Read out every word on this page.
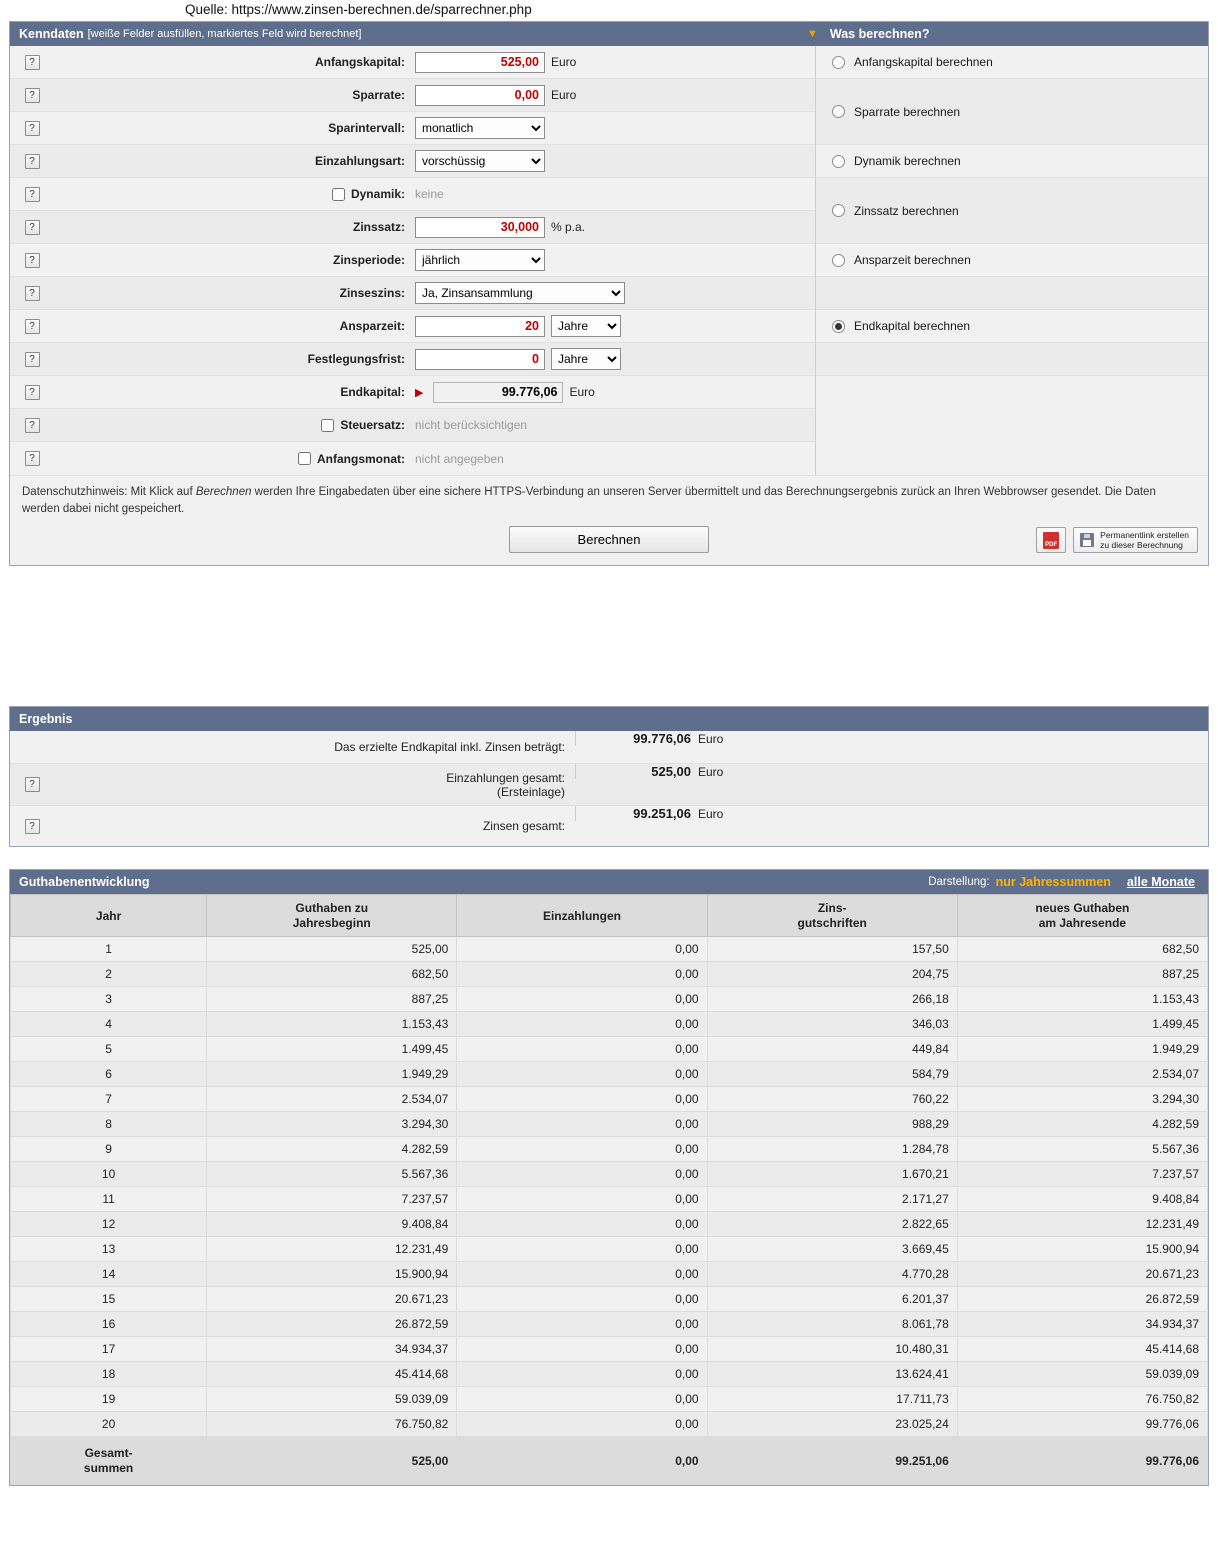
Quelle: https://www.zinsen-berechnen.de/sparrechner.php
Kenndaten [weiße Felder ausfüllen, markiertes Feld wird berechnet]	▼ Was berechnen?
?	Anfangskapital:
525,00	Euro
?	Sparrate:
0,00	Euro
?	Sparintervall:
monatlich
?	Einzahlungsart:
vorschüssig
?	Dynamik: keine
?	Zinssatz:
30,000	% p.a.
?	Zinsperiode:
jährlich
?	Zinseszins:
Ja, Zinsansammlung
?	Ansparzeit:
20
Jahre
?	Festlegungsfrist:
0
Jahre
?	Endkapital: ▶
99.776,06	Euro
?	Steuersatz: nicht berücksichtigen
?	Anfangsmonat: nicht angegeben
Anfangskapital berechnen
Sparrate berechnen
Dynamik berechnen
Zinssatz berechnen
Ansparzeit berechnen
Endkapital berechnen
Datenschutzhinweis: Mit Klick auf Berechnen werden Ihre Eingabedaten über eine sichere HTTPS-Verbindung an unseren Server übermittelt und das Berechnungsergebnis zurück an Ihren Webbrowser gesendet. Die Daten werden dabei nicht gespeichert.
Berechnen	PDF
Permanentlink erstellen
zu dieser Berechnung
Ergebnis
Das erzielte Endkapital inkl. Zinsen beträgt:
99.776,06 Euro
?	Einzahlungen gesamt:
(Ersteinlage)
525,00 Euro
?	Zinsen gesamt:
99.251,06 Euro
Guthabenentwicklung	Darstellung: nur Jahressummen alle Monate
Jahr	Guthaben zu
Jahresbeginn	Einzahlungen	Zins-
gutschriften	neues Guthaben
am Jahresende

1	525,00	0,00	157,50	682,50
2	682,50	0,00	204,75	887,25
3	887,25	0,00	266,18	1.153,43
4	1.153,43	0,00	346,03	1.499,45
5	1.499,45	0,00	449,84	1.949,29
6	1.949,29	0,00	584,79	2.534,07
7	2.534,07	0,00	760,22	3.294,30
8	3.294,30	0,00	988,29	4.282,59
9	4.282,59	0,00	1.284,78	5.567,36
10	5.567,36	0,00	1.670,21	7.237,57
11	7.237,57	0,00	2.171,27	9.408,84
12	9.408,84	0,00	2.822,65	12.231,49
13	12.231,49	0,00	3.669,45	15.900,94
14	15.900,94	0,00	4.770,28	20.671,23
15	20.671,23	0,00	6.201,37	26.872,59
16	26.872,59	0,00	8.061,78	34.934,37
17	34.934,37	0,00	10.480,31	45.414,68
18	45.414,68	0,00	13.624,41	59.039,09
19	59.039,09	0,00	17.711,73	76.750,82
20	76.750,82	0,00	23.025,24	99.776,06

Gesamt-
summen	525,00	0,00	99.251,06	99.776,06
